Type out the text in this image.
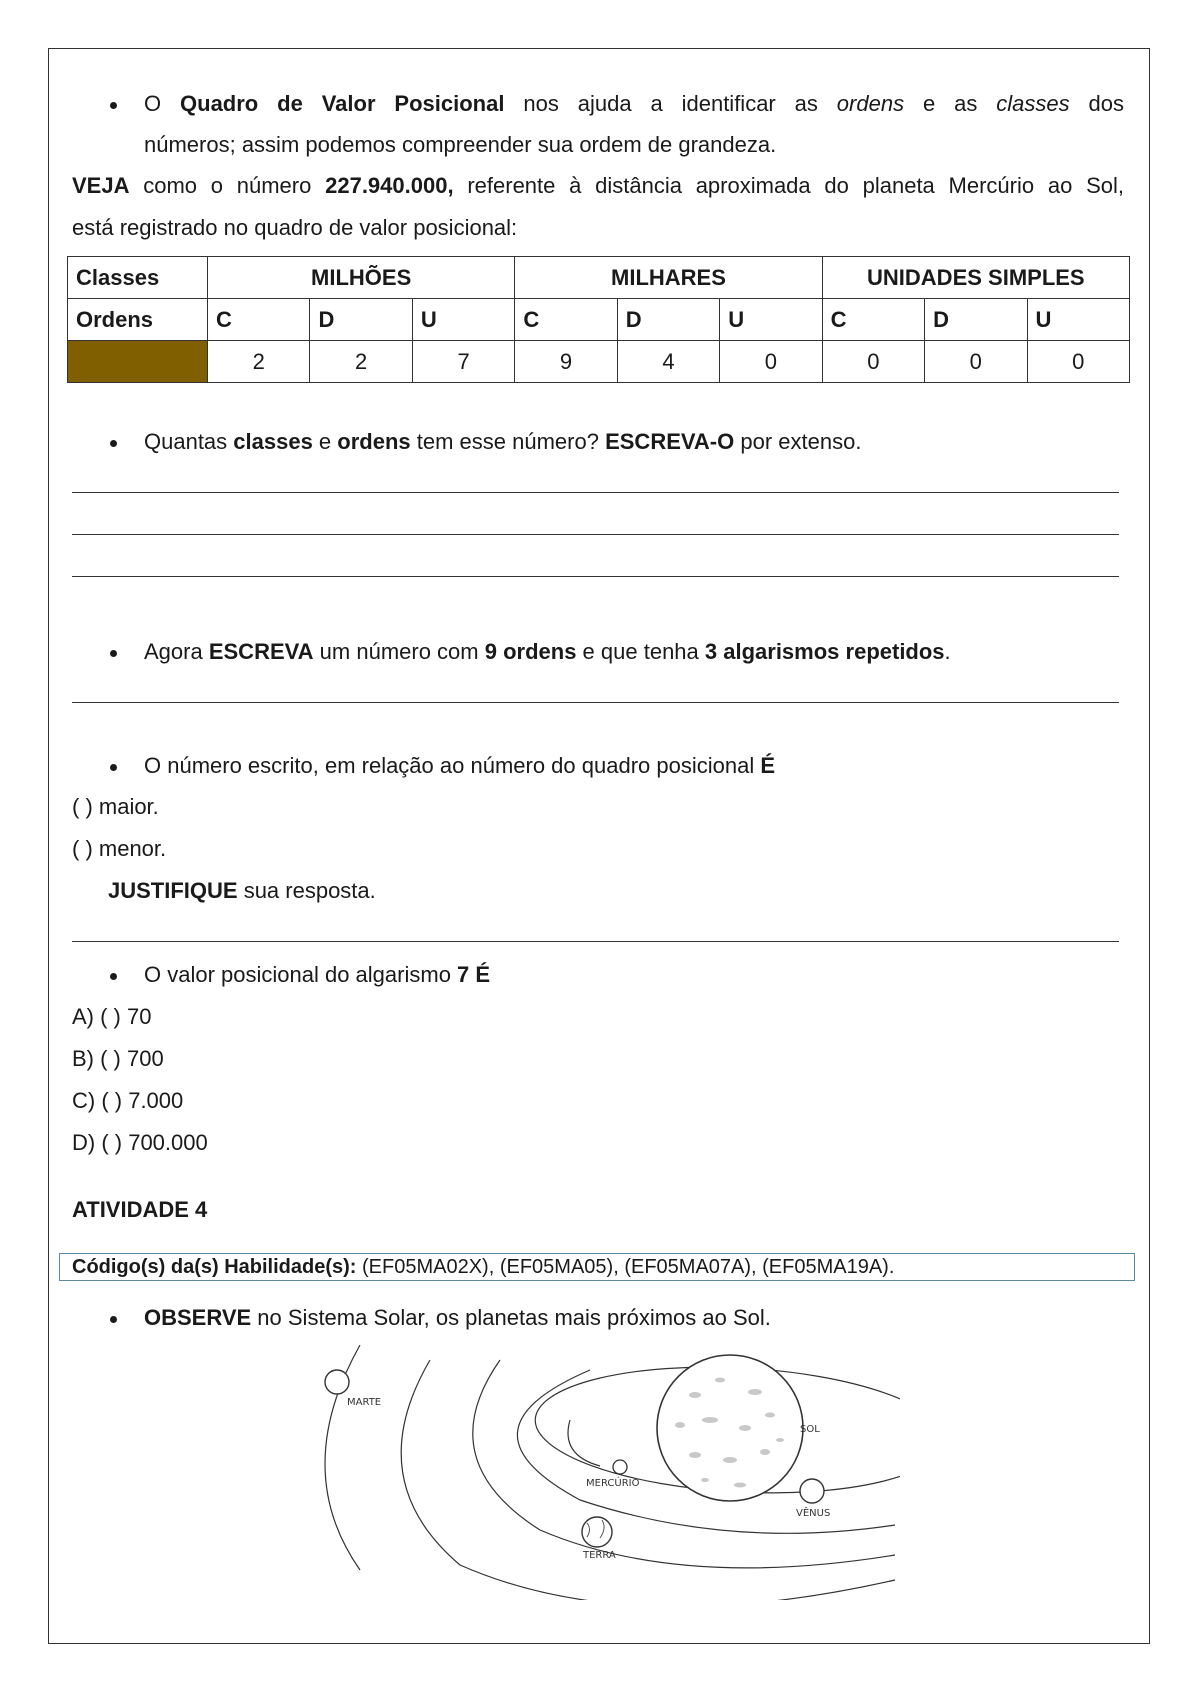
O Quadro de Valor Posicional nos ajuda a identificar as ordens e as classes dos
números; assim podemos compreender sua ordem de grandeza.
VEJA como o número 227.940.000, referente à distância aproximada do planeta Mercúrio ao Sol,
está registrado no quadro de valor posicional:
Classes	MILHÕES			MILHARES			UNIDADES SIMPLES		
Ordens	C	D	U	C	D	U	C	D	U
	2	2	7	9	4	0	0	0	0
Quantas classes e ordens tem esse número? ESCREVA-O por extenso.
Agora ESCREVA um número com 9 ordens e que tenha 3 algarismos repetidos.
O número escrito, em relação ao número do quadro posicional É
( ) maior.
( ) menor.
JUSTIFIQUE sua resposta.
O valor posicional do algarismo 7 É
A) ( ) 70
B) ( ) 700
C) ( ) 7.000
D) ( ) 700.000
ATIVIDADE 4
Código(s) da(s) Habilidade(s): (EF05MA02X), (EF05MA05), (EF05MA07A), (EF05MA19A).
OBSERVE no Sistema Solar, os planetas mais próximos ao Sol.
MARTE
SOL
MERCÚRIO
VÊNUS
TERRA
